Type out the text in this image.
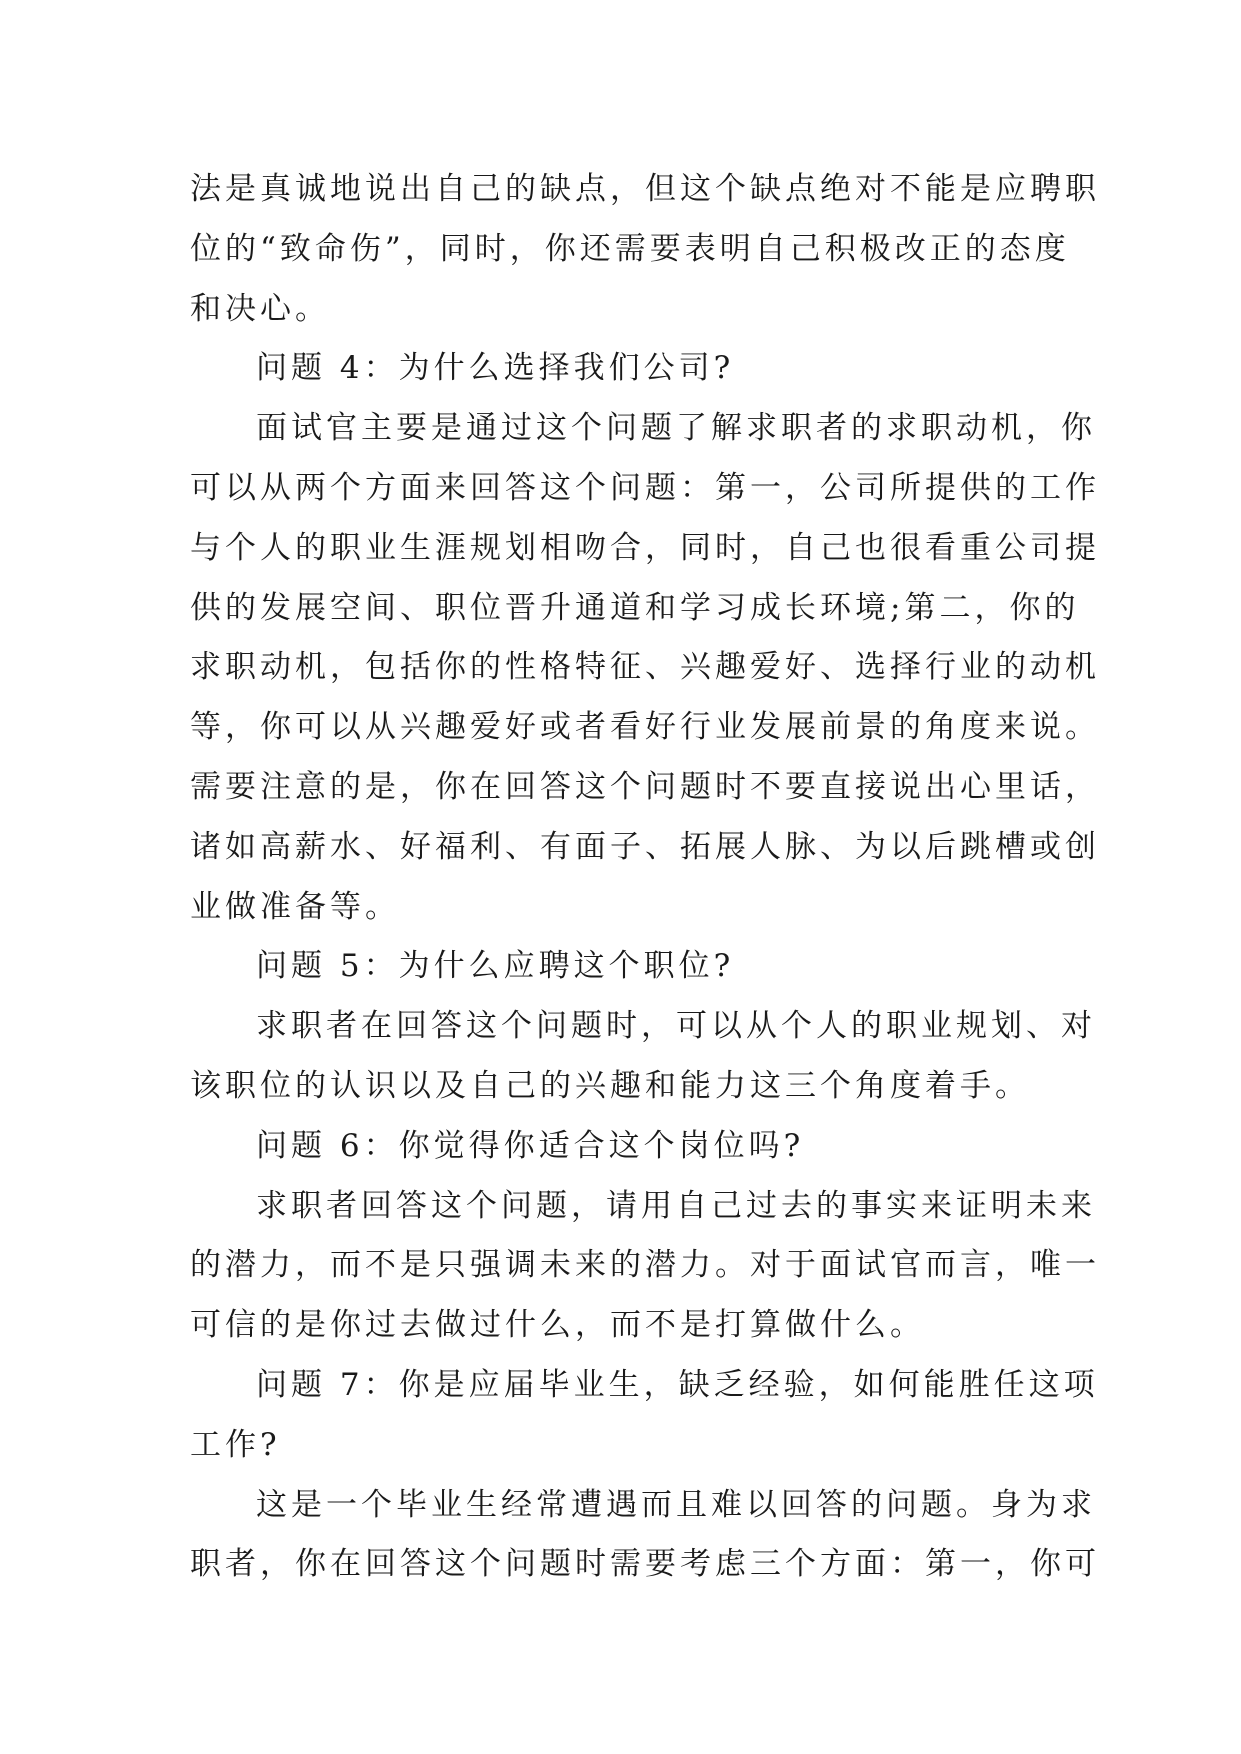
法是真诚地说出自己的缺点，但这个缺点绝对不能是应聘职
位的“致命伤”，同时，你还需要表明自己积极改正的态度
和决心。
问题 4：为什么选择我们公司?
面试官主要是通过这个问题了解求职者的求职动机，你
可以从两个方面来回答这个问题：第一，公司所提供的工作
与个人的职业生涯规划相吻合，同时，自己也很看重公司提
供的发展空间、职位晋升通道和学习成长环境;第二，你的
求职动机，包括你的性格特征、兴趣爱好、选择行业的动机
等，你可以从兴趣爱好或者看好行业发展前景的角度来说。
需要注意的是，你在回答这个问题时不要直接说出心里话，
诸如高薪水、好福利、有面子、拓展人脉、为以后跳槽或创
业做准备等。
问题 5：为什么应聘这个职位?
求职者在回答这个问题时，可以从个人的职业规划、对
该职位的认识以及自己的兴趣和能力这三个角度着手。
问题 6：你觉得你适合这个岗位吗?
求职者回答这个问题，请用自己过去的事实来证明未来
的潜力，而不是只强调未来的潜力。对于面试官而言，唯一
可信的是你过去做过什么，而不是打算做什么。
问题 7：你是应届毕业生，缺乏经验，如何能胜任这项
工作?
这是一个毕业生经常遭遇而且难以回答的问题。身为求
职者，你在回答这个问题时需要考虑三个方面：第一，你可
